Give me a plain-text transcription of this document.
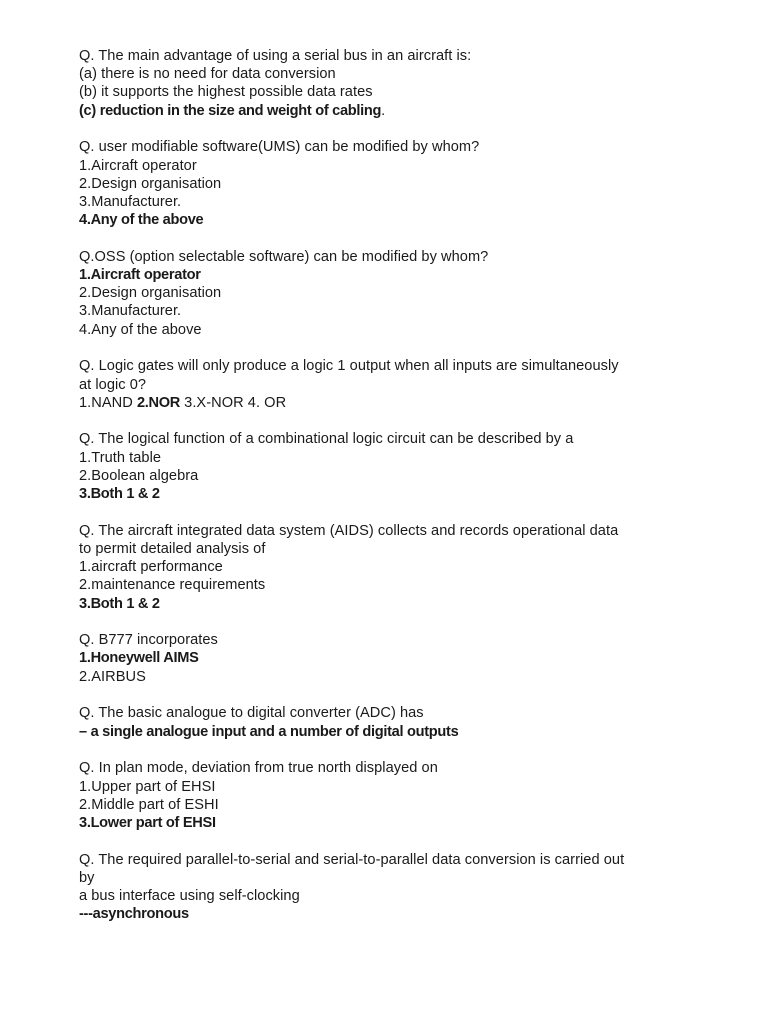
Q. The main advantage of using a serial bus in an aircraft is:
(a) there is no need for data conversion
(b) it supports the highest possible data rates
(c) reduction in the size and weight of cabling.
Q. user modifiable software(UMS) can be modified by whom?
1.Aircraft operator
2.Design organisation
3.Manufacturer.
4.Any of the above
Q.OSS (option selectable software) can be modified by whom?
1.Aircraft operator
2.Design organisation
3.Manufacturer.
4.Any of the above
Q. Logic gates will only produce a logic 1 output when all inputs are simultaneously
at logic 0?
1.NAND 2.NOR 3.X-NOR 4. OR
Q. The logical function of a combinational logic circuit can be described by a
1.Truth table
2.Boolean algebra
3.Both 1 & 2
Q. The aircraft integrated data system (AIDS) collects and records operational data
to permit detailed analysis of
1.aircraft performance
2.maintenance requirements
3.Both 1 & 2
Q. B777 incorporates
1.Honeywell AIMS
2.AIRBUS
Q. The basic analogue to digital converter (ADC) has
– a single analogue input and a number of digital outputs
Q. In plan mode, deviation from true north displayed on
1.Upper part of EHSI
2.Middle part of ESHI
3.Lower part of EHSI
Q. The required parallel-to-serial and serial-to-parallel data conversion is carried out
by
a bus interface using self-clocking
---asynchronous
